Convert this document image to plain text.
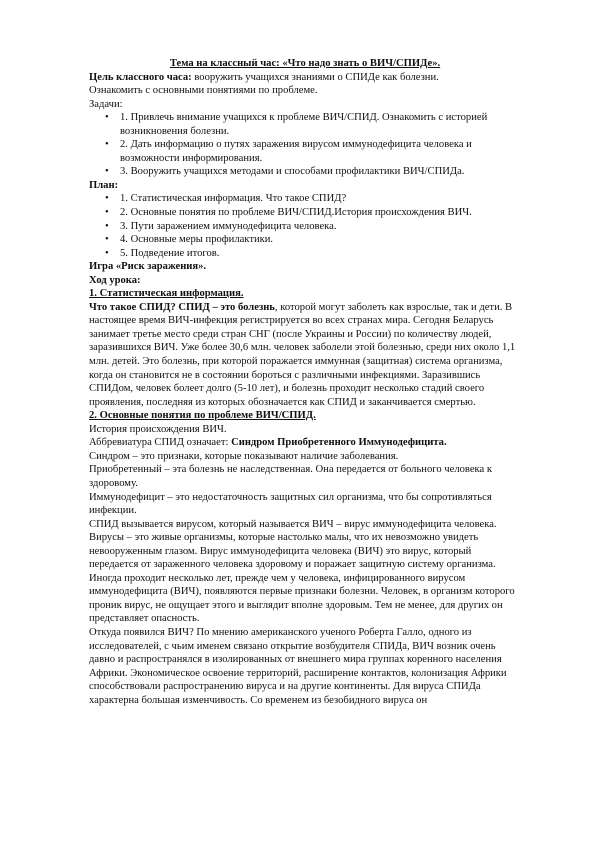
Тема на классный час: «Что надо знать о ВИЧ/СПИДе».

Цель классного часа: вооружить учащихся знаниями о СПИДе как болезни.

Ознакомить с основными понятиями по проблеме.

Задачи:

• 1. Привлечь внимание учащихся к проблеме ВИЧ/СПИД. Ознакомить с историей возникновения болезни.
• 2. Дать информацию о путях заражения вирусом иммунодефицита человека и возможности информирования.
• 3. Вооружить учащихся методами и способами профилактики ВИЧ/СПИДа.

План:

• 1. Статистическая информация. Что такое СПИД?
• 2. Основные понятия по проблеме ВИЧ/СПИД.История происхождения ВИЧ.
• 3. Пути заражением иммунодефицита человека.
• 4. Основные меры профилактики.
• 5. Подведение итогов.

Игра «Риск заражения».

Ход урока:

1. Статистическая информация.

Что такое СПИД? СПИД – это болезнь, которой могут заболеть как взрослые, так и дети. В настоящее время ВИЧ-инфекция регистрируется во всех странах мира. Сегодня Беларусь занимает третье место среди стран СНГ (после Украины и России) по количеству людей, заразившихся ВИЧ. Уже более 30,6 млн. человек заболели этой болезнью, среди них около 1,1 млн. детей. Это болезнь, при которой поражается иммунная (защитная) система организма, когда он становится не в состоянии бороться с различными инфекциями. Заразившись СПИДом, человек болеет долго (5-10 лет), и болезнь проходит несколько стадий своего проявления, последняя из которых обозначается как СПИД и заканчивается смертью.

2. Основные понятия по проблеме ВИЧ/СПИД.

История происхождения ВИЧ.

Аббревиатура СПИД означает: Синдром Приобретенного Иммунодефицита.

Синдром – это признаки, которые показывают наличие заболевания.

Приобретенный – эта болезнь не наследственная. Она передается от больного человека к здоровому.

Иммунодефицит – это недостаточность защитных сил организма, что бы сопротивляться инфекции.

СПИД вызывается вирусом, который называется ВИЧ – вирус иммунодефицита человека. Вирусы – это живые организмы, которые настолько малы, что их невозможно увидеть невооруженным глазом. Вирус иммунодефицита человека (ВИЧ) это вирус, который передается от зараженного человека здоровому и поражает защитную систему организма. Иногда проходит несколько лет, прежде чем у человека, инфицированного вирусом иммунодефицита (ВИЧ), появляются первые признаки болезни. Человек, в организм которого проник вирус, не ощущает этого и выглядит вполне здоровым. Тем не менее, для других он представляет опасность.

Откуда появился ВИЧ? По мнению американского ученого Роберта Галло, одного из исследователей, с чьим именем связано открытие возбудителя СПИДа, ВИЧ возник очень давно и распространялся в изолированных от внешнего мира группах коренного населения Африки. Экономическое освоение территорий, расширение контактов, колонизация Африки способствовали распространению вируса и на другие континенты. Для вируса СПИДа характерна большая изменчивость. Со временем из безобидного вируса он
